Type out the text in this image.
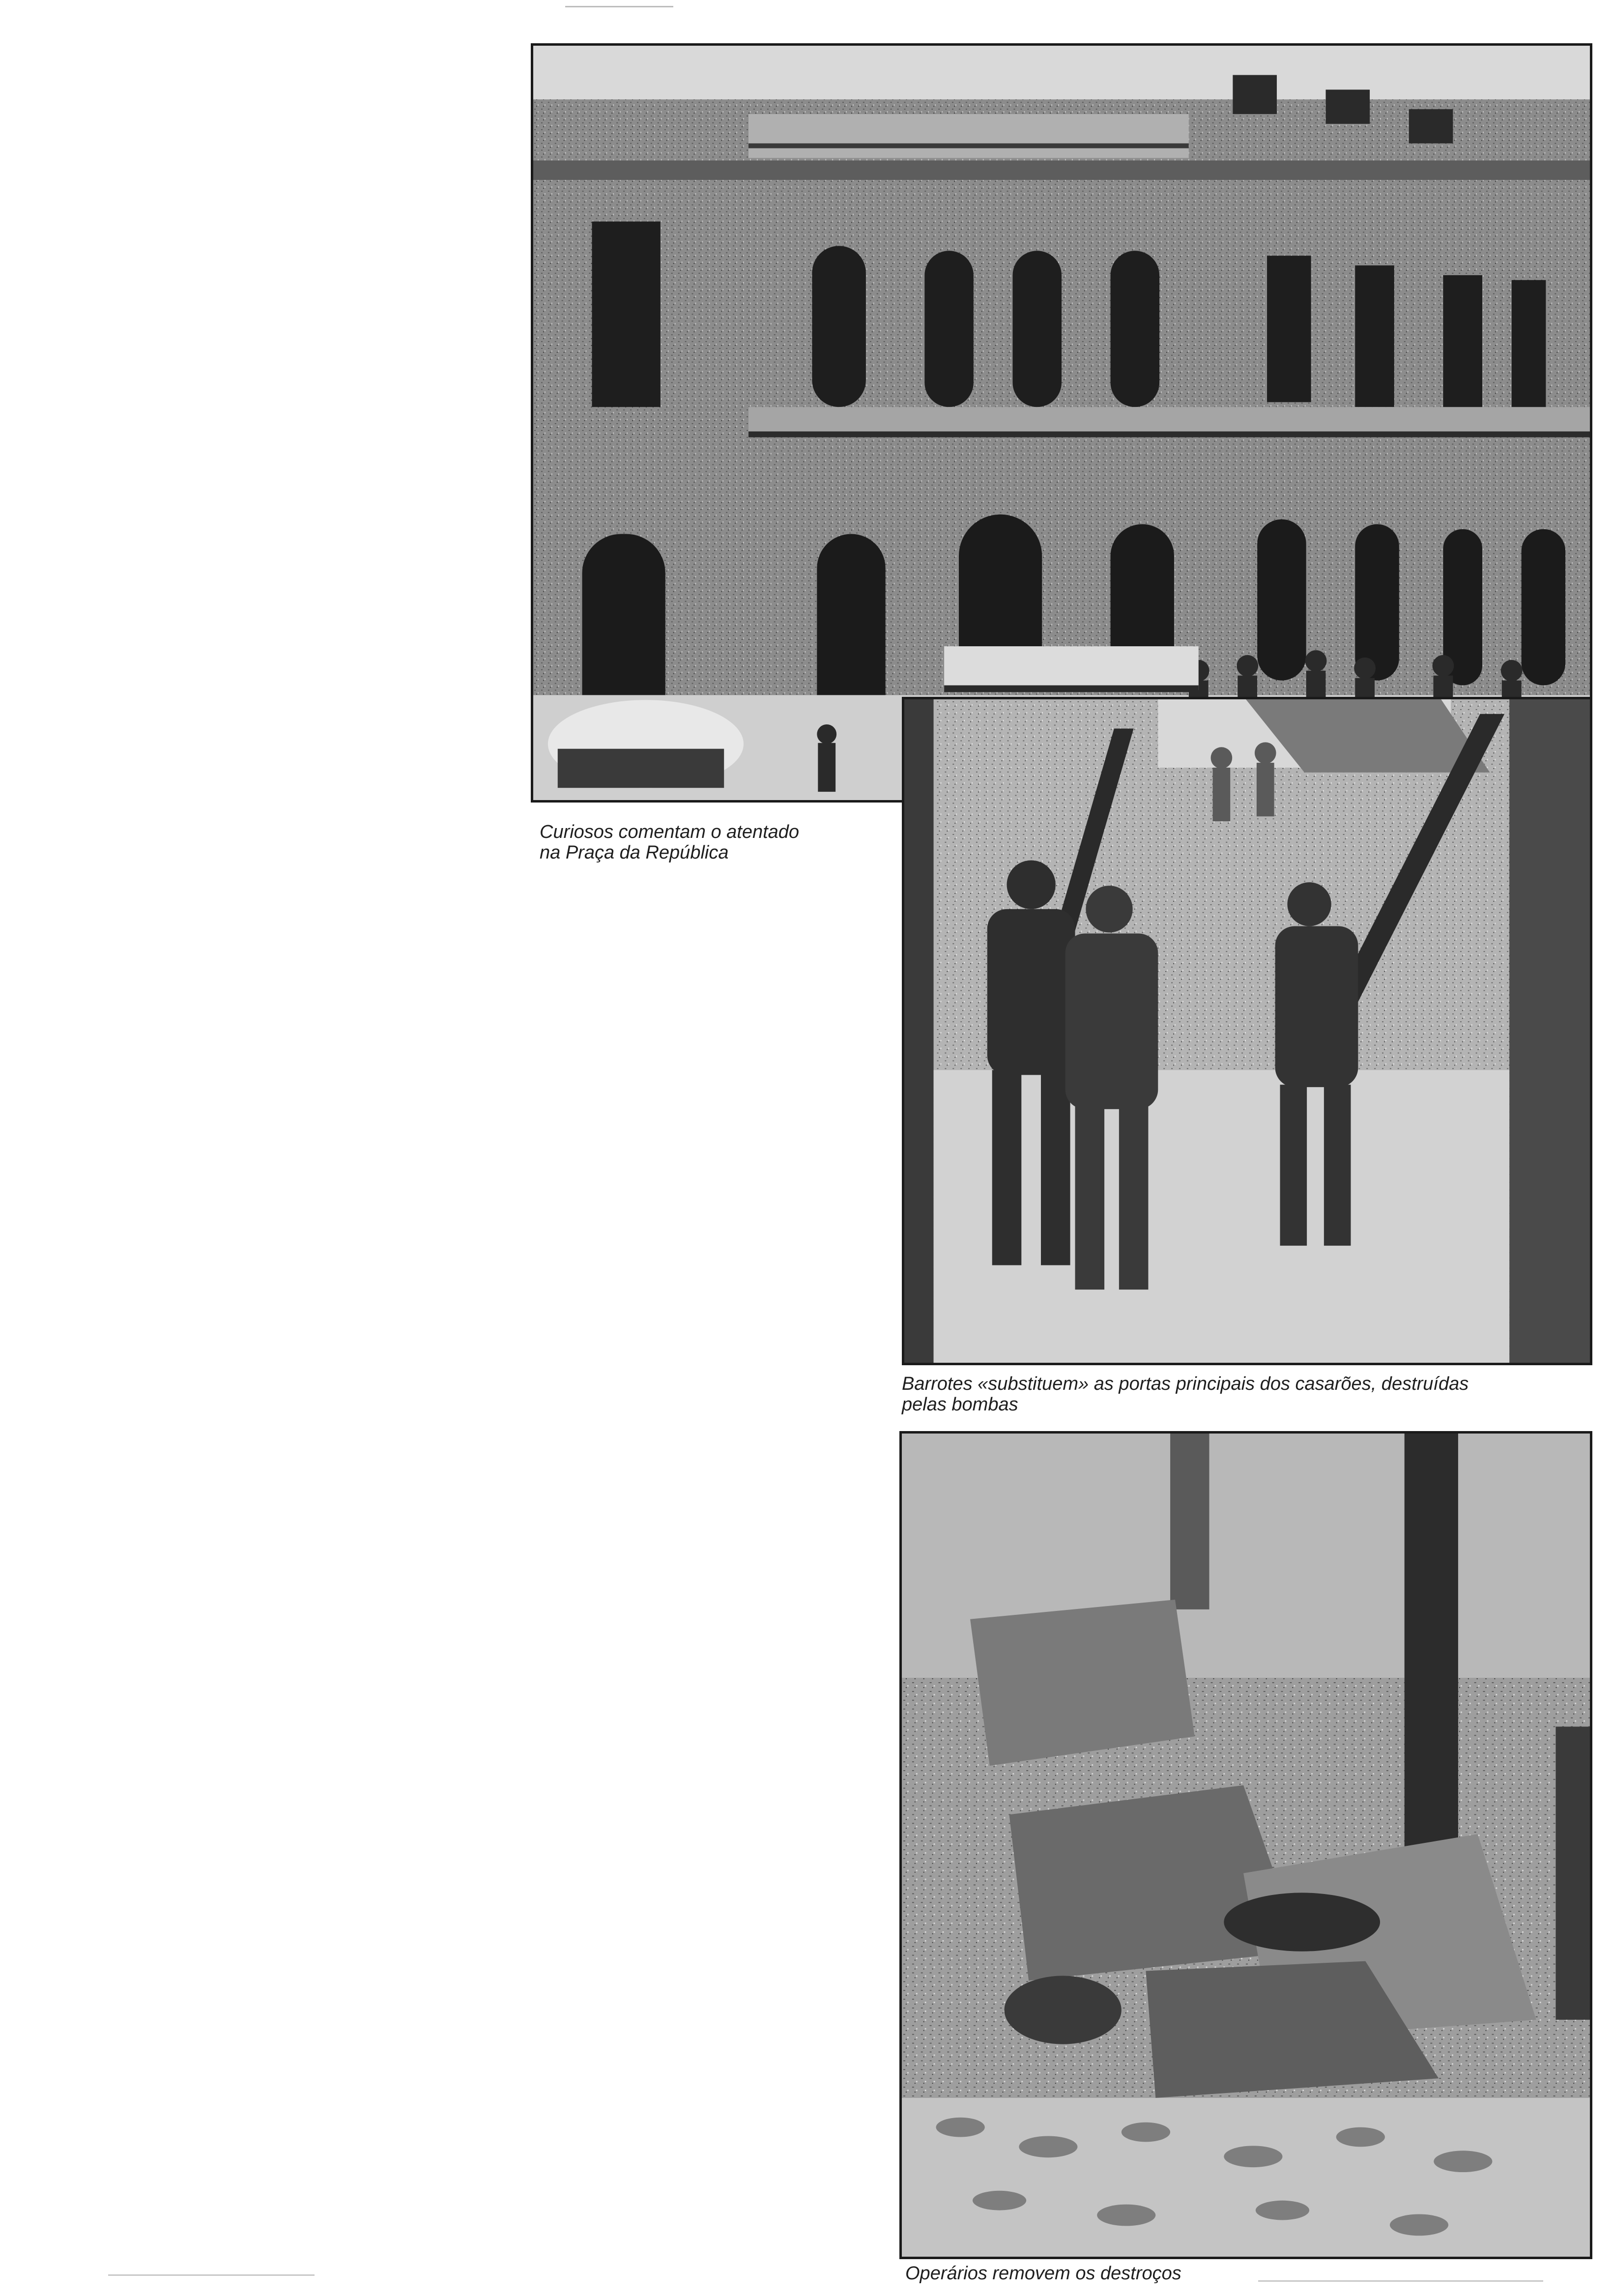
Curiosos comentam o atentado

na Praça da República

Barrotes «substituem» as portas principais dos casarões, destruídas

pelas bombas

Operários removem os destroços
